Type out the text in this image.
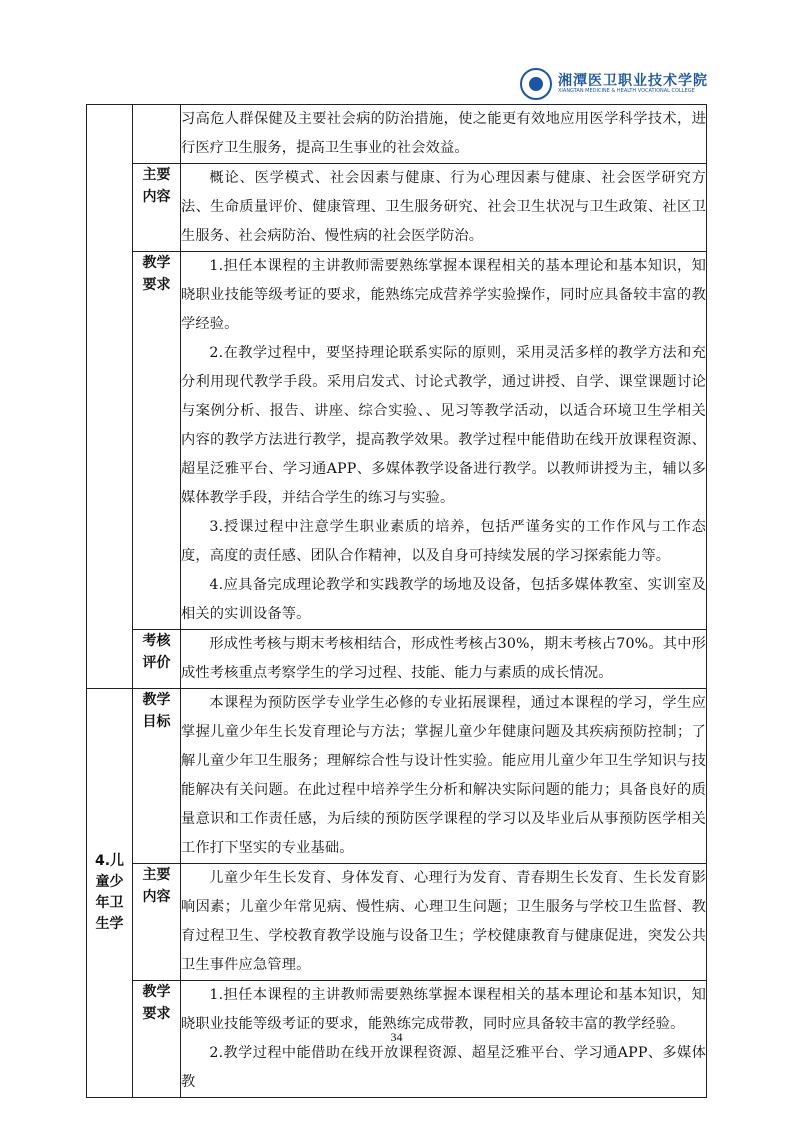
湘潭医卫职业技术学院
XIANGTAN MEDICINE & HEALTH VOCATIONAL COLLEGE

		习高危人群保健及主要社会病的防治措施，使之能更有效地应用医学科学技术，进行医疗卫生服务，提高卫生事业的社会效益。

	主要内容	概论、医学模式、社会因素与健康、行为心理因素与健康、社会医学研究方法、生命质量评价、健康管理、卫生服务研究、社会卫生状况与卫生政策、社区卫生服务、社会病防治、慢性病的社会医学防治。

	教学要求	1.担任本课程的主讲教师需要熟练掌握本课程相关的基本理论和基本知识，知晓职业技能等级考证的要求，能熟练完成营养学实验操作，同时应具备较丰富的教学经验。

2.在教学过程中，要坚持理论联系实际的原则，采用灵活多样的教学方法和充分利用现代教学手段。采用启发式、讨论式教学，通过讲授、自学、课堂课题讨论与案例分析、报告、讲座、综合实验、、见习等教学活动，以适合环境卫生学相关内容的教学方法进行教学，提高教学效果。教学过程中能借助在线开放课程资源、超星泛雅平台、学习通APP、多媒体教学设备进行教学。以教师讲授为主，辅以多媒体教学手段，并结合学生的练习与实验。

3.授课过程中注意学生职业素质的培养，包括严谨务实的工作作风与工作态度，高度的责任感、团队合作精神，以及自身可持续发展的学习探索能力等。

4.应具备完成理论教学和实践教学的场地及设备，包括多媒体教室、实训室及相关的实训设备等。

	考核评价	形成性考核与期末考核相结合，形成性考核占30%，期末考核占70%。其中形成性考核重点考察学生的学习过程、技能、能力与素质的成长情况。

4.儿童少年卫生学	教学目标	本课程为预防医学专业学生必修的专业拓展课程，通过本课程的学习，学生应掌握儿童少年生长发育理论与方法；掌握儿童少年健康问题及其疾病预防控制；了解儿童少年卫生服务；理解综合性与设计性实验。能应用儿童少年卫生学知识与技能解决有关问题。在此过程中培养学生分析和解决实际问题的能力；具备良好的质量意识和工作责任感，为后续的预防医学课程的学习以及毕业后从事预防医学相关工作打下坚实的专业基础。

	主要内容	儿童少年生长发育、身体发育、心理行为发育、青春期生长发育、生长发育影响因素；儿童少年常见病、慢性病、心理卫生问题；卫生服务与学校卫生监督、教育过程卫生、学校教育教学设施与设备卫生；学校健康教育与健康促进，突发公共卫生事件应急管理。

	教学要求	1.担任本课程的主讲教师需要熟练掌握本课程相关的基本理论和基本知识，知晓职业技能等级考证的要求，能熟练完成带教，同时应具备较丰富的教学经验。

2.教学过程中能借助在线开放课程资源、超星泛雅平台、学习通APP、多媒体教

34
